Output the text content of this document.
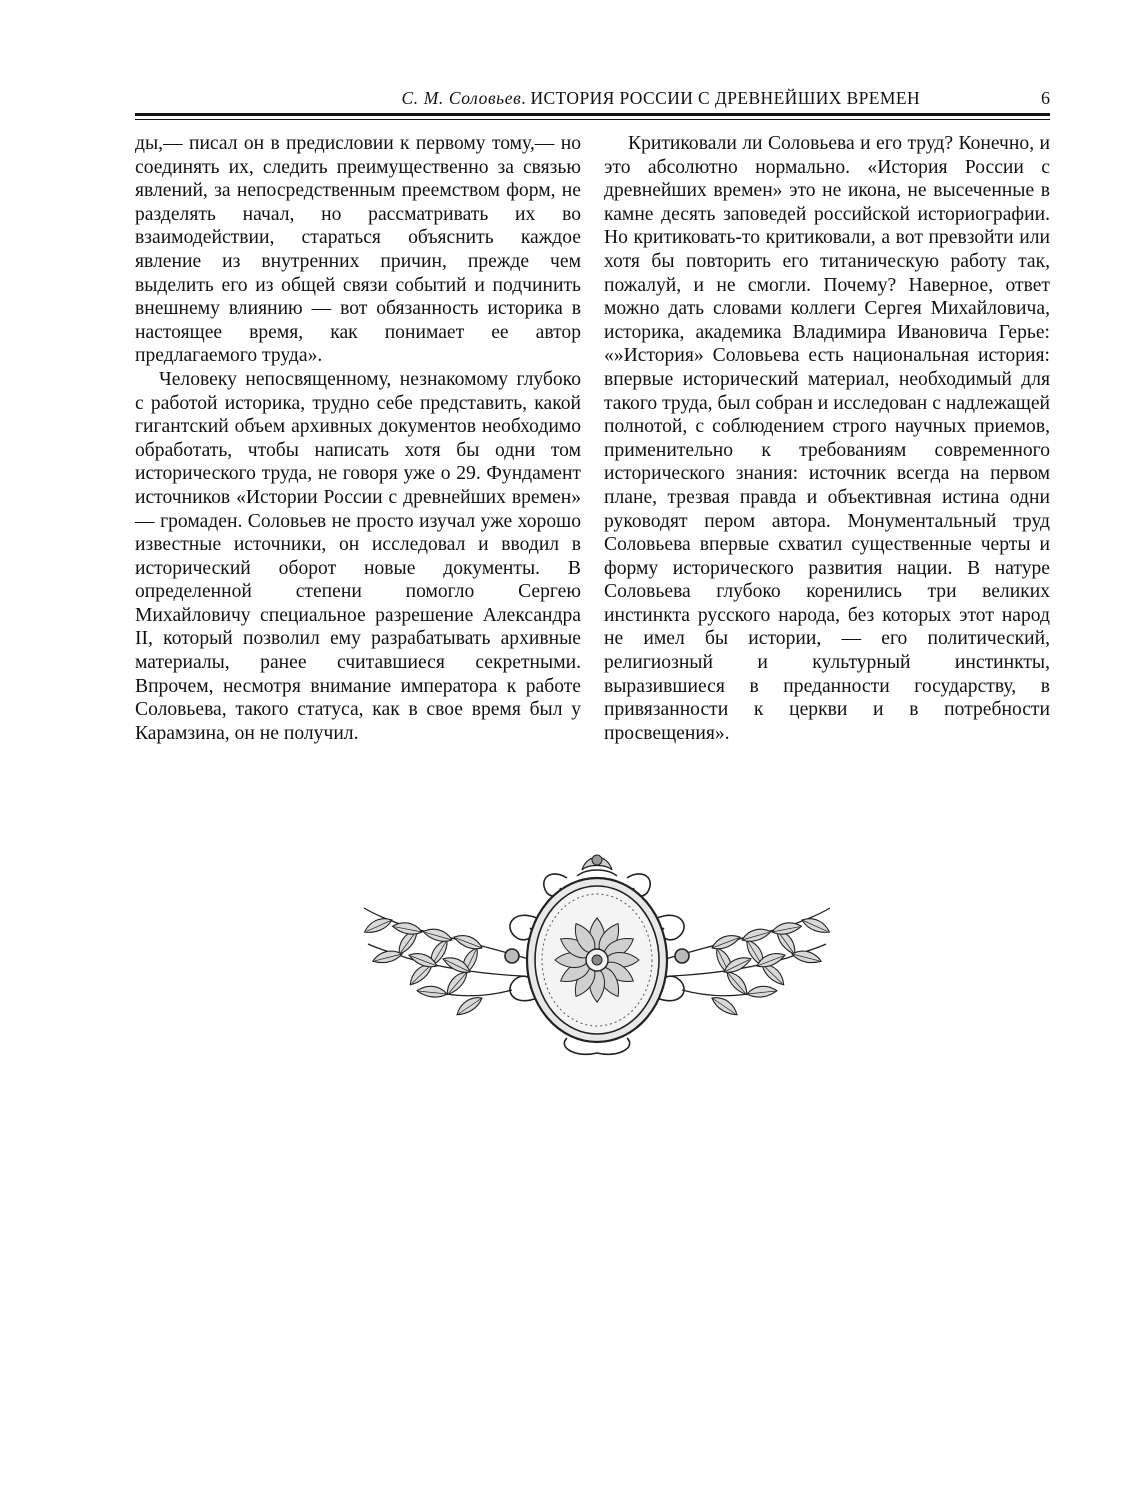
С. М. Соловьев. ИСТОРИЯ РОССИИ С ДРЕВНЕЙШИХ ВРЕМЕН	6

ды,— писал он в предисловии к первому тому,— но соединять их, следить преимущественно за связью явлений, за непосредственным преемством форм, не разделять начал, но рассматривать их во взаимодействии, стараться объяснить каждое явление из внутренних причин, прежде чем выделить его из общей связи событий и подчинить внешнему влиянию — вот обязанность историка в настоящее время, как понимает ее автор предлагаемого труда».

Человеку непосвященному, незнакомому глубоко с работой историка, трудно себе представить, какой гигантский объем архивных документов необходимо обработать, чтобы написать хотя бы одни том исторического труда, не говоря уже о 29. Фундамент источников «Истории России с древнейших времен» — громаден. Соловьев не просто изучал уже хорошо известные источники, он исследовал и вводил в исторический оборот новые документы. В определенной степени помогло Сергею Михайловичу специальное разрешение Александра II, который позволил ему разрабатывать архивные материалы, ранее считавшиеся секретными. Впрочем, несмотря внимание императора к работе Соловьева, такого статуса, как в свое время был у Карамзина, он не получил.

Критиковали ли Соловьева и его труд? Конечно, и это абсолютно нормально. «История России с древнейших времен» это не икона, не высеченные в камне десять заповедей российской историографии. Но критиковать-то критиковали, а вот превзойти или хотя бы повторить его титаническую работу так, пожалуй, и не смогли. Почему? Наверное, ответ можно дать словами коллеги Сергея Михайловича, историка, академика Владимира Ивановича Герье: «»История» Соловьева есть национальная история: впервые исторический материал, необходимый для такого труда, был собран и исследован с надлежащей полнотой, с соблюдением строго научных приемов, применительно к требованиям современного исторического знания: источник всегда на первом плане, трезвая правда и объективная истина одни руководят пером автора. Монументальный труд Соловьева впервые схватил существенные черты и форму исторического развития нации. В натуре Соловьева глубоко коренились три великих инстинкта русского народа, без которых этот народ не имел бы истории, — его политический, религиозный и культурный инстинкты, выразившиеся в преданности государству, в привязанности к церкви и в потребности просвещения».
